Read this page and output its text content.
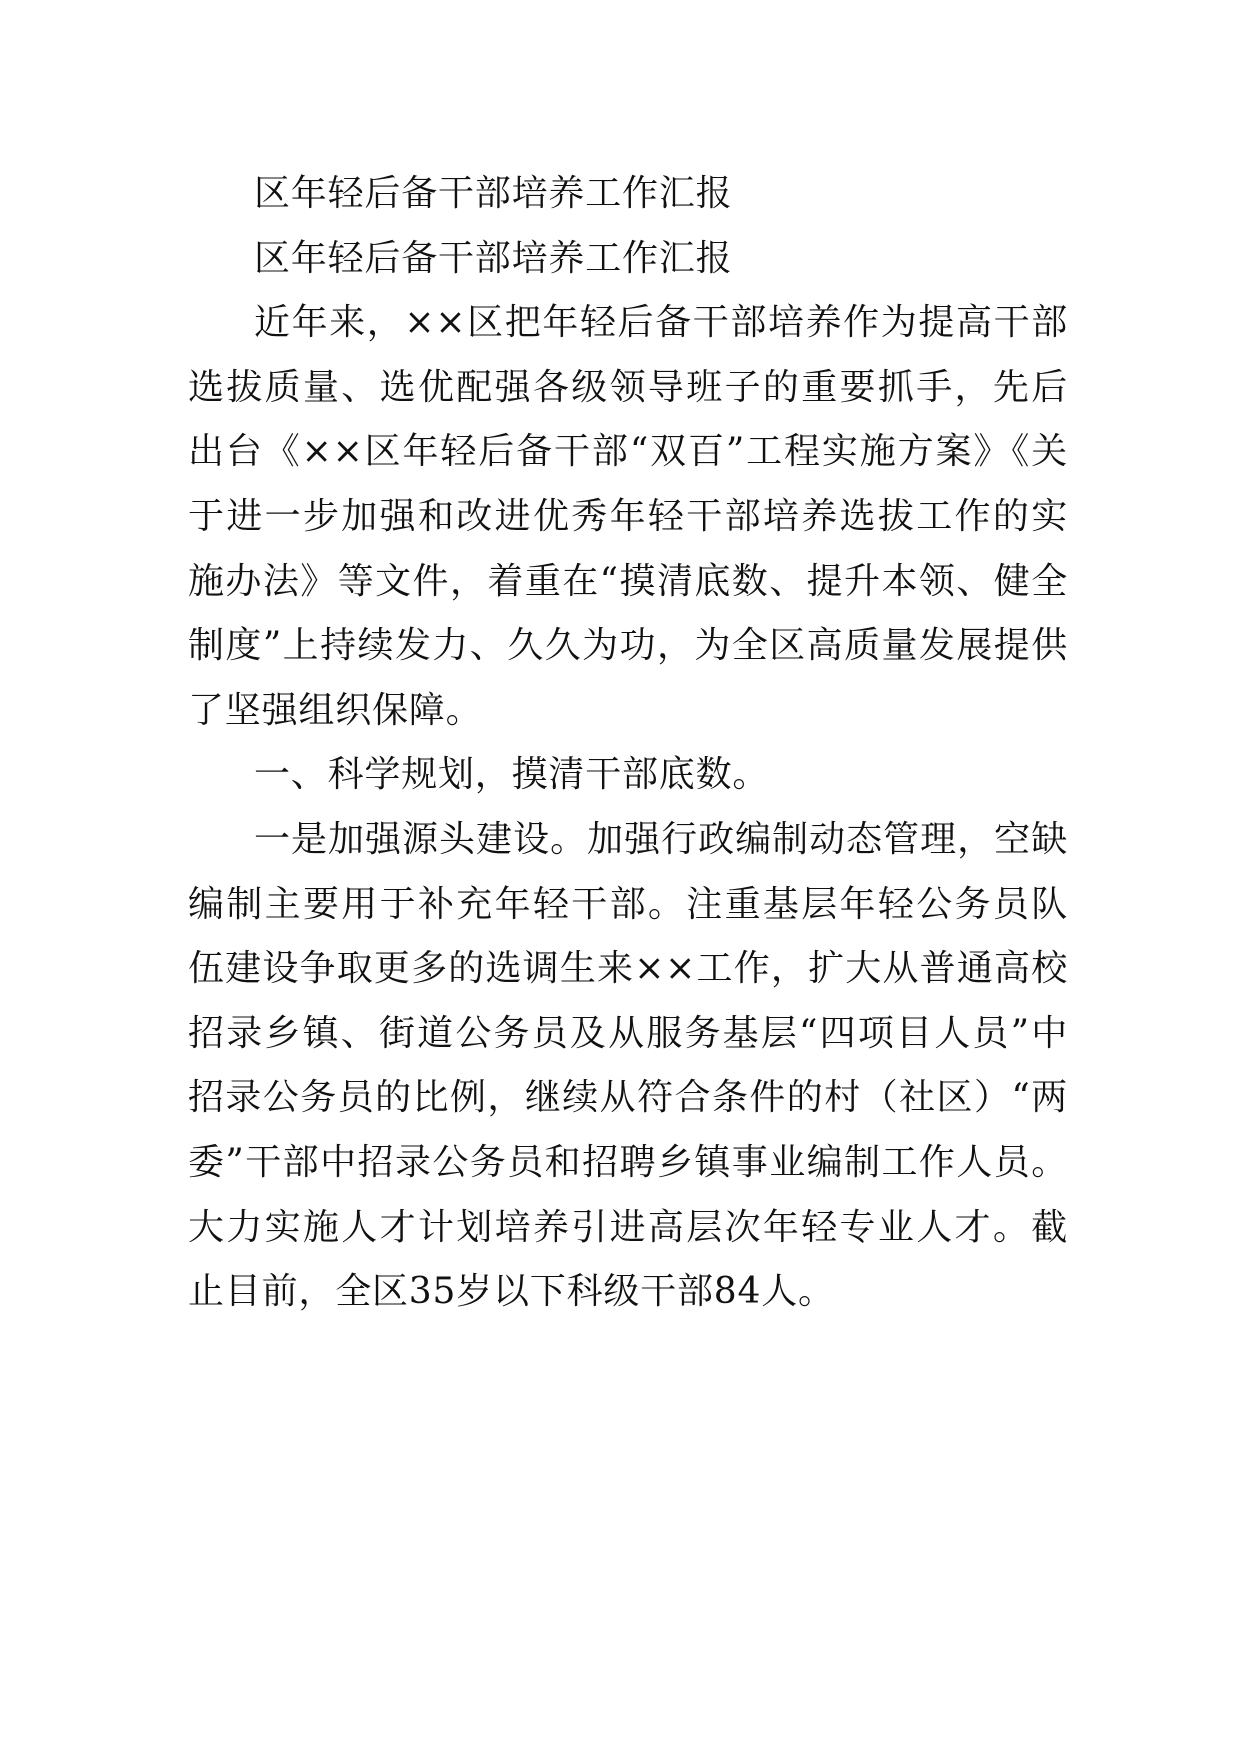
区年轻后备干部培养工作汇报

区年轻后备干部培养工作汇报

近年来，××区把年轻后备干部培养作为提高干部选拔质量、选优配强各级领导班子的重要抓手，先后出台《××区年轻后备干部“双百”工程实施方案》《关于进一步加强和改进优秀年轻干部培养选拔工作的实施办法》等文件，着重在“摸清底数、提升本领、健全制度”上持续发力、久久为功，为全区高质量发展提供了坚强组织保障。

一、科学规划，摸清干部底数。

一是加强源头建设。加强行政编制动态管理，空缺编制主要用于补充年轻干部。注重基层年轻公务员队伍建设争取更多的选调生来××工作，扩大从普通高校招录乡镇、街道公务员及从服务基层“四项目人员”中招录公务员的比例，继续从符合条件的村（社区）“两委”干部中招录公务员和招聘乡镇事业编制工作人员。大力实施人才计划培养引进高层次年轻专业人才。截止目前，全区35岁以下科级干部84人。
